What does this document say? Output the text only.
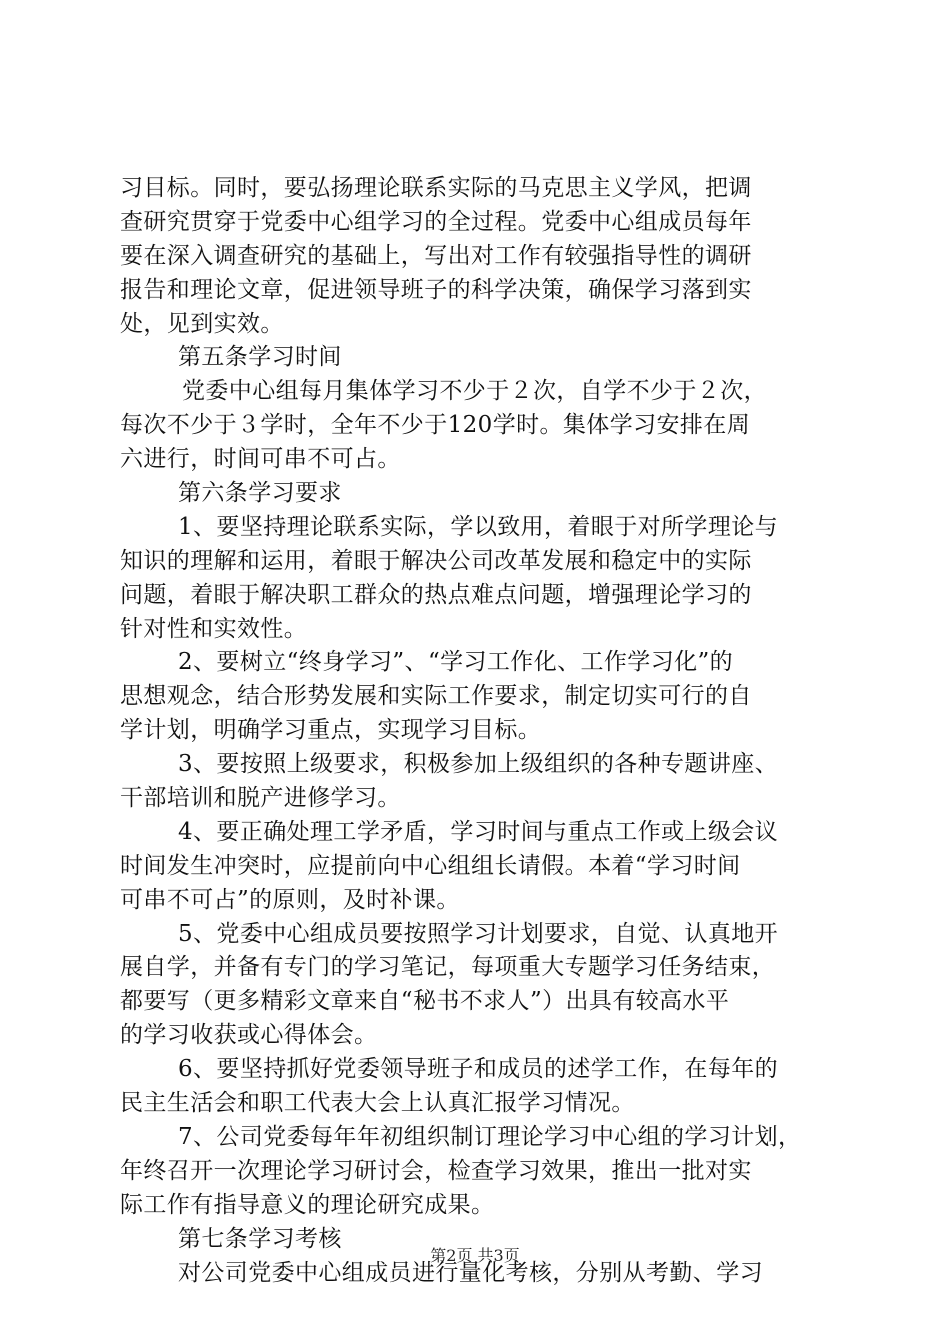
习目标。同时，要弘扬理论联系实际的马克思主义学风，把调
查研究贯穿于党委中心组学习的全过程。党委中心组成员每年
要在深入调查研究的基础上，写出对工作有较强指导性的调研
报告和理论文章，促进领导班子的科学决策，确保学习落到实
处，见到实效。
第五条学习时间
党委中心组每月集体学习不少于２次，自学不少于２次，
每次不少于３学时，全年不少于120学时。集体学习安排在周
六进行，时间可串不可占。
第六条学习要求
1、要坚持理论联系实际，学以致用，着眼于对所学理论与
知识的理解和运用，着眼于解决公司改革发展和稳定中的实际
问题，着眼于解决职工群众的热点难点问题，增强理论学习的
针对性和实效性。
2、要树立“终身学习”、“学习工作化、工作学习化”的
思想观念，结合形势发展和实际工作要求，制定切实可行的自
学计划，明确学习重点，实现学习目标。
3、要按照上级要求，积极参加上级组织的各种专题讲座、
干部培训和脱产进修学习。
4、要正确处理工学矛盾，学习时间与重点工作或上级会议
时间发生冲突时，应提前向中心组组长请假。本着“学习时间
可串不可占”的原则，及时补课。
5、党委中心组成员要按照学习计划要求，自觉、认真地开
展自学，并备有专门的学习笔记，每项重大专题学习任务结束，
都要写（更多精彩文章来自“秘书不求人”）出具有较高水平
的学习收获或心得体会。
6、要坚持抓好党委领导班子和成员的述学工作，在每年的
民主生活会和职工代表大会上认真汇报学习情况。
7、公司党委每年年初组织制订理论学习中心组的学习计划，
年终召开一次理论学习研讨会，检查学习效果，推出一批对实
际工作有指导意义的理论研究成果。
第七条学习考核
对公司党委中心组成员进行量化考核，分别从考勤、学习
第2页 共3页
